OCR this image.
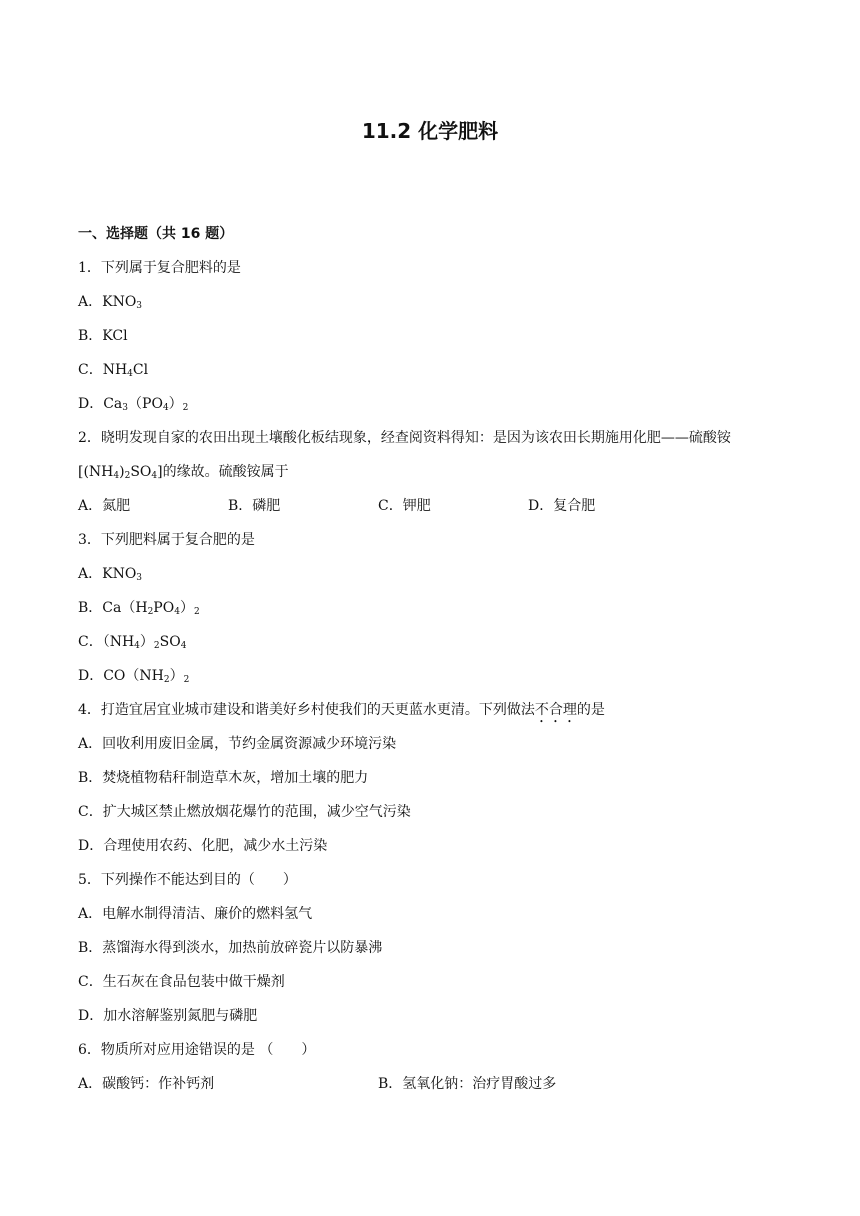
11.2 化学肥料
一、选择题（共 16 题）
1．下列属于复合肥料的是
A．$KNO_3$
B．KCl
C．$NH_4Cl$
D．$Ca_3(PO_4)_2$
2．晓明发现自家的农田出现土壤酸化板结现象，经查阅资料得知：是因为该农田长期施用化肥——硫酸铵
$[(NH_4)_2SO_4]$的缘故。硫酸铵属于
A．氮肥	B．磷肥	C．钾肥	D．复合肥
3．下列肥料属于复合肥的是
A．$KNO_3$
B．$Ca(H_2PO_4)_2$
C．$(NH_4)_2SO_4$
D．$CO(NH_2)_2$
4．打造宜居宜业城市建设和谐美好乡村使我们的天更蓝水更清。下列做法不合理的是
A．回收利用废旧金属，节约金属资源减少环境污染
B．焚烧植物秸秆制造草木灰，增加土壤的肥力
C．扩大城区禁止燃放烟花爆竹的范围，减少空气污染
D．合理使用农药、化肥，减少水土污染
5．下列操作不能达到目的（　　）
A．电解水制得清洁、廉价的燃料氢气
B．蒸馏海水得到淡水，加热前放碎瓷片以防暴沸
C．生石灰在食品包装中做干燥剂
D．加水溶解鉴别氮肥与磷肥
6．物质所对应用途错误的是 （　　）
A．碳酸钙：作补钙剂	B．氢氧化钠：治疗胃酸过多
